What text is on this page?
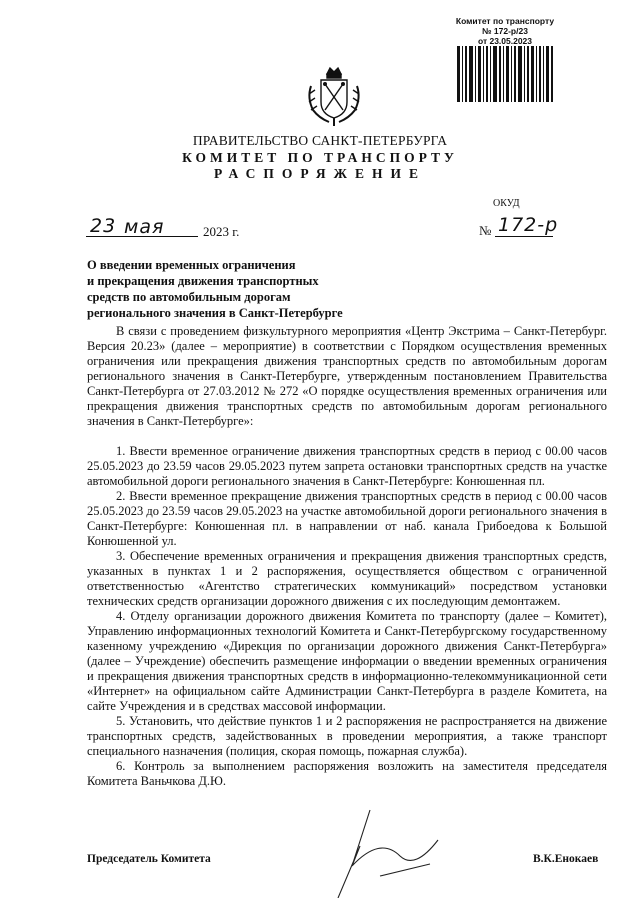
Комитет по транспорту
№ 172-р/23
от 23.05.2023
ПРАВИТЕЛЬСТВО САНКТ-ПЕТЕРБУРГА
КОМИТЕТ ПО ТРАНСПОРТУ
РАСПОРЯЖЕНИЕ
ОКУД
23 мая	2023 г.	№ 172-р
О введении временных ограничения
и прекращения движения транспортных
средств по автомобильным дорогам
регионального значения в Санкт-Петербурге

В связи с проведением физкультурного мероприятия «Центр Экстрима – Санкт-Петербург. Версия 20.23» (далее – мероприятие) в соответствии с Порядком осуществления временных ограничения или прекращения движения транспортных средств по автомобильным дорогам регионального значения в Санкт-Петербурге, утвержденным постановлением Правительства Санкт-Петербурга от 27.03.2012 № 272 «О порядке осуществления временных ограничения или прекращения движения транспортных средств по автомобильным дорогам регионального значения в Санкт-Петербурге»:

1. Ввести временное ограничение движения транспортных средств в период с 00.00 часов 25.05.2023 до 23.59 часов 29.05.2023 путем запрета остановки транспортных средств на участке автомобильной дороги регионального значения в Санкт-Петербурге: Конюшенная пл.

2. Ввести временное прекращение движения транспортных средств в период с 00.00 часов 25.05.2023 до 23.59 часов 29.05.2023 на участке автомобильной дороги регионального значения в Санкт-Петербурге: Конюшенная пл. в направлении от наб. канала Грибоедова к Большой Конюшенной ул.

3. Обеспечение временных ограничения и прекращения движения транспортных средств, указанных в пунктах 1 и 2 распоряжения, осуществляется обществом с ограниченной ответственностью «Агентство стратегических коммуникаций» посредством установки технических средств организации дорожного движения с их последующим демонтажем.

4. Отделу организации дорожного движения Комитета по транспорту (далее – Комитет), Управлению информационных технологий Комитета и Санкт-Петербургскому государственному казенному учреждению «Дирекция по организации дорожного движения Санкт-Петербурга» (далее – Учреждение) обеспечить размещение информации о введении временных ограничения и прекращения движения транспортных средств в информационно-телекоммуникационной сети «Интернет» на официальном сайте Администрации Санкт-Петербурга в разделе Комитета, на сайте Учреждения и в средствах массовой информации.

5. Установить, что действие пунктов 1 и 2 распоряжения не распространяется на движение транспортных средств, задействованных в проведении мероприятия, а также транспорт специального назначения (полиция, скорая помощь, пожарная служба).

6. Контроль за выполнением распоряжения возложить на заместителя председателя Комитета Ваньчкова Д.Ю.

Председатель Комитета	В.К.Енокаев
